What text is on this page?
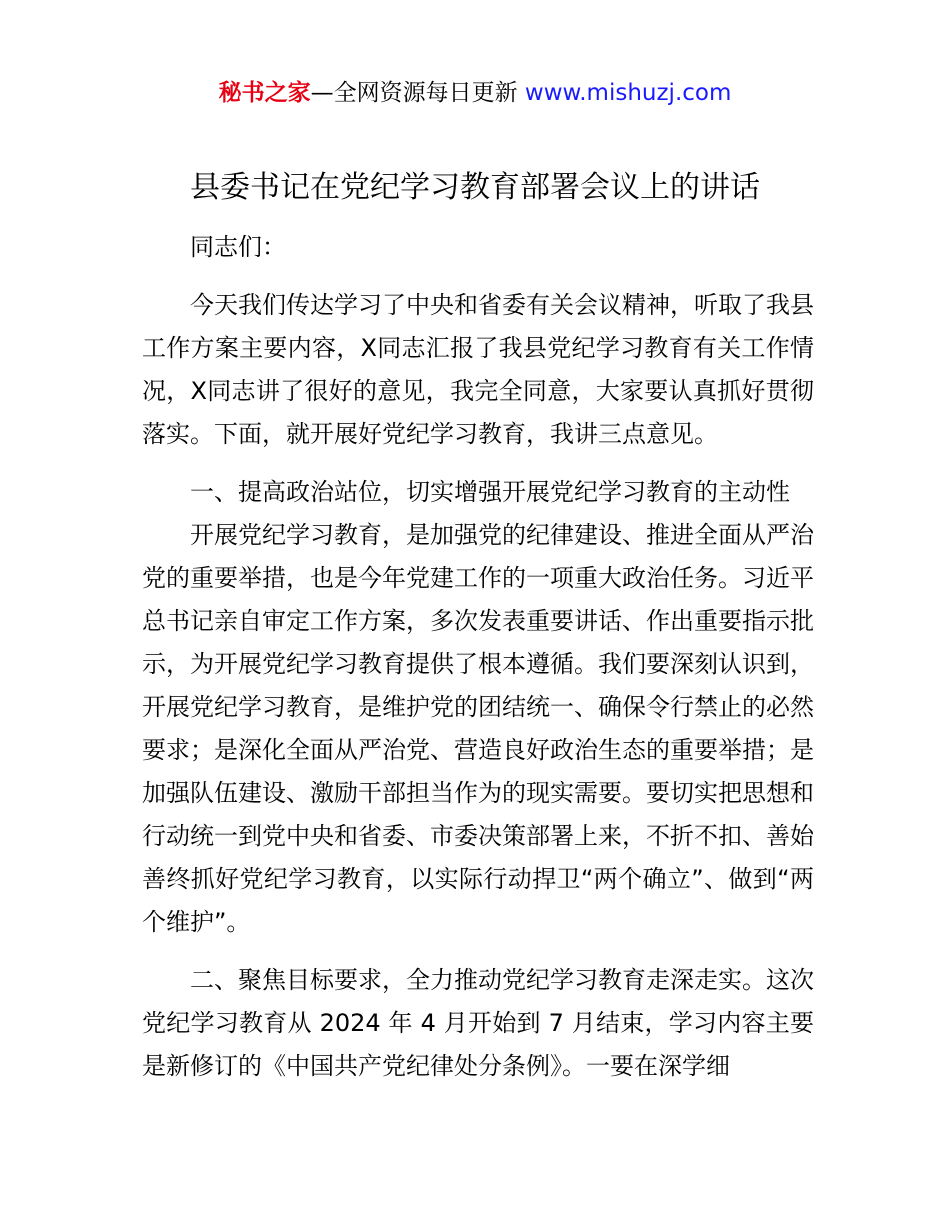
秘书之家—全网资源每日更新 www.mishuzj.com
县委书记在党纪学习教育部署会议上的讲话

同志们：

今天我们传达学习了中央和省委有关会议精神，听取了我县工作方案主要内容，X同志汇报了我县党纪学习教育有关工作情况，X同志讲了很好的意见，我完全同意，大家要认真抓好贯彻落实。下面，就开展好党纪学习教育，我讲三点意见。

一、提高政治站位，切实增强开展党纪学习教育的主动性

开展党纪学习教育，是加强党的纪律建设、推进全面从严治党的重要举措，也是今年党建工作的一项重大政治任务。习近平总书记亲自审定工作方案，多次发表重要讲话、作出重要指示批示，为开展党纪学习教育提供了根本遵循。我们要深刻认识到，开展党纪学习教育，是维护党的团结统一、确保令行禁止的必然要求；是深化全面从严治党、营造良好政治生态的重要举措；是加强队伍建设、激励干部担当作为的现实需要。要切实把思想和行动统一到党中央和省委、市委决策部署上来，不折不扣、善始善终抓好党纪学习教育，以实际行动捍卫“两个确立”、做到“两个维护”。

二、聚焦目标要求，全力推动党纪学习教育走深走实。这次党纪学习教育从 2024 年 4 月开始到 7 月结束，学习内容主要是新修订的《中国共产党纪律处分条例》。一要在深学细
